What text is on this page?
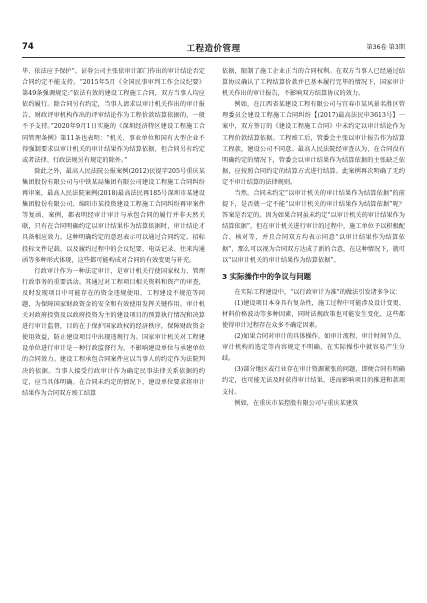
74	工程造价管理	第36卷 第3期

毕、依法应予保护”。证券公司主张依审计部门作出的审计结论否定合同约定不能支持。“2015年5月《全国民事审判工作会议纪要》第49条强调规定:“依法有效的建设工程施工合同，双方当事人均应依约履行。除合同另有约定，当事人请求以审计机关作出的审计报告、财政评审机构作出的评审结论作为工程价款结算依据的，一般不予支持。”2020年9月1日实施的《深圳经济特区建设工程施工合同管理条例》第11条也表明：“机关、事业单位和国有大型企业不得强制要求以审计机关的审计结果作为结算依据，但合同另有约定或者法律、行政法规另有规定的除外。”

除此之外，最高人民法院公报案例(2012)民提字205号重庆某集团股份有限公司与中铁某局集团有限公司建设工程施工合同纠纷再审案，最高人民法院案例(2018)最高法民再185号深圳市某建设集团股份有限公司、绵阳市某投资建设工程施工合同纠纷再审案件等复函、案例，都表明经审计审计与承包合同的履行并非天然关联，只有在合同明确约定以审计结果作为结算依据时，审计结论才具备相应效力。这种明确约定的意思表示可以通过合同约定、招标投标文件记载、以及履约过程中的会议纪要、电话记录、往来沟通函等多种形式体现，这些都可能构成对合同的有效变更与补充。

行政审计作为一种法定审计，是审计机关行使国家权力、管理行政事务的重要活动。其通过对工程项目相关资料和资产的审查，及时发现项目中可能存在的资金违规使用、工程建设不规范等问题，为保障国家财政资金的安全和有效使用发挥关键作用。审计机关对政府投资及以政府投资为主的建设项目的预算执行情况和决算进行审计监督，目的在于保护国家政权的经济秩序，保障财政资金使用效益，防止建设项目中出现违规行为。国家审计机关对工程建设单位进行审计是一种行政监督行为，不影响建设单位与承建单位的合同效力。建设工程承包合同案件应以当事人的约定作为法院判决的依据。当事人接受行政审计作为确定民事法律关系依据的约定，应当具体明确。在合同未约定的情况下，建设单位要求将审计结果作为合同双方竣工结算

依据，限制了施工企业正当的合同权利。在双方当事人已经通过结算协议确认了工程结算价款并已基本履行完毕的情况下，国家审计机关作出的审计报告，不影响双方结算协议的效力。

例如，在江西省某建设工程有限公司与宜春市某风景名胜区管理委员会建设工程施工合同纠纷【(2017)最高法民申3613号】一案中，双方签订的《建设工程施工合同》中未约定以审计结论作为工程价款结算依据。工程竣工后，管委会主张以审计报告作为结算工程款，建设公司不同意。最高人民法院经审查认为，在合同没有明确约定的情况下，管委会以审计结果作为结算依据的主张缺乏依据，应按照合同约定的结算方式进行结算。此案例再次明确了无约定不审计结算的法律规则。

当然，合同未约定“以审计机关的审计结果作为结算依据”的前提下，是否就一定不能“以审计机关的审计结果作为结算依据”呢？答案是否定的。因为如果合同虽未约定“以审计机关的审计结果作为结算依据”，但在审计机关进行审计的过程中，施工单位予以积极配合、核对等，并且合同双方均表示同意“以审计结果作为结算依据”，那么可以视为合同双方达成了新的合意，在这种情况下，就可以“以审计机关的审计结果作为结算依据”。

3 实际操作中的争议与问题

在实际工程建设中，“以行政审计为准”的做法引发诸多争议：

(1)建设项目本身具有复杂性，施工过程中可能涉及设计变更、材料价格波动等多种因素，同时法规政策也可能发生变化，这些都使得审计过程存在众多不确定因素。

(2)如果合同对审计的具体操作，如审计流程、审计时间节点、审计机构的选定等内容规定不明确，在实际操作中就容易产生分歧。

(3)部分地区或行业存在审计资源紧张的问题，即便合同有明确约定，也可能无法及时获得审计结果，进而影响项目的推进和款项支付。

例如，在重庆市某控股有限公司与重庆某建筑
